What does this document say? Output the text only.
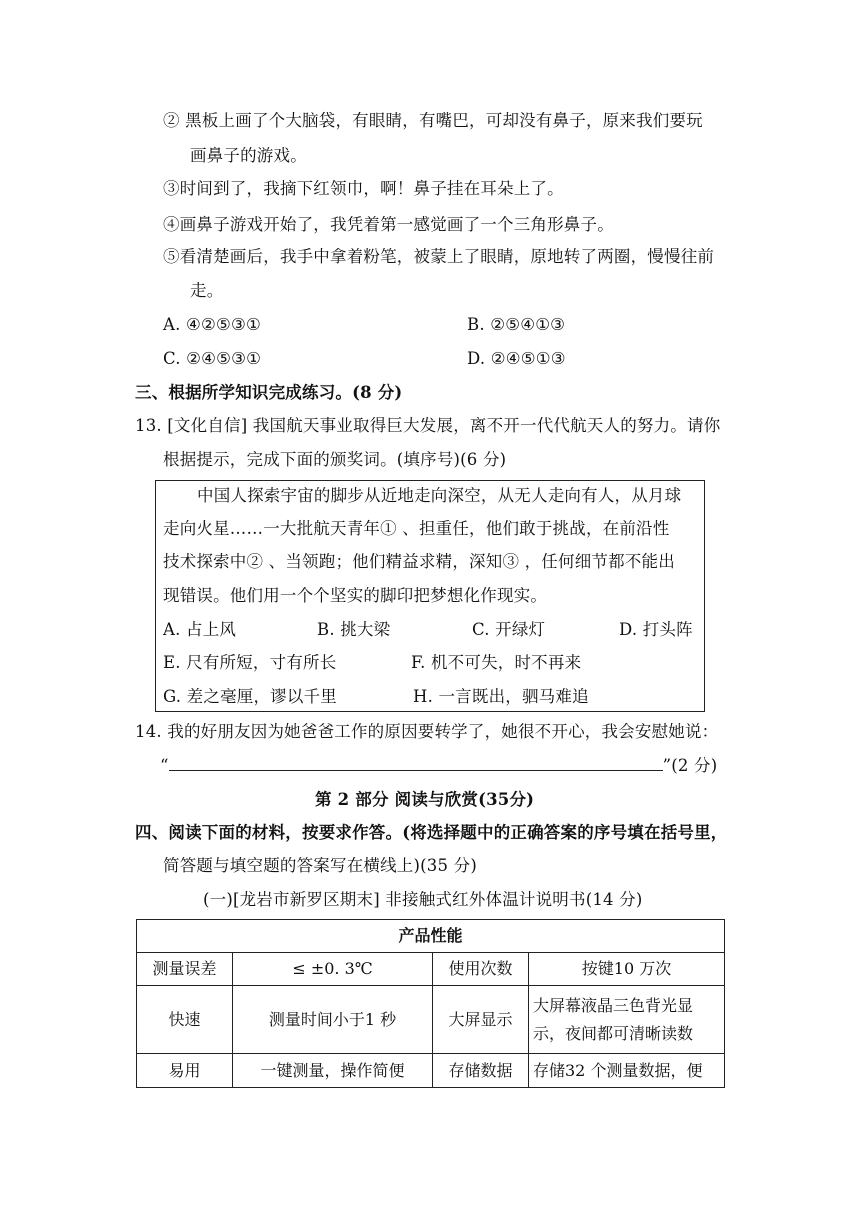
② 黑板上画了个大脑袋，有眼睛，有嘴巴，可却没有鼻子，原来我们要玩
画鼻子的游戏。
③时间到了，我摘下红领巾，啊！鼻子挂在耳朵上了。
④画鼻子游戏开始了，我凭着第一感觉画了一个三角形鼻子。
⑤看清楚画后，我手中拿着粉笔，被蒙上了眼睛，原地转了两圈，慢慢往前
走。
A. ④②⑤③①	B. ②⑤④①③
C. ②④⑤③①	D. ②④⑤①③
三、根据所学知识完成练习。(8 分)
13. [文化自信] 我国航天事业取得巨大发展，离不开一代代航天人的努力。请你
根据提示，完成下面的颁奖词。(填序号)(6 分)
中国人探索宇宙的脚步从近地走向深空，从无人走向有人，从月球
走向火星……一大批航天青年① 、担重任，他们敢于挑战，在前沿性
技术探索中② 、当领跑；他们精益求精，深知③ ，任何细节都不能出
现错误。他们用一个个坚实的脚印把梦想化作现实。
A. 占上风	B. 挑大梁	C. 开绿灯	D. 打头阵
E. 尺有所短，寸有所长	F. 机不可失，时不再来
G. 差之毫厘，谬以千里	H. 一言既出，驷马难追
14. 我的好朋友因为她爸爸工作的原因要转学了，她很不开心，我会安慰她说：
“	”(2 分)
第 2 部分 阅读与欣赏(35分)
四、阅读下面的材料，按要求作答。(将选择题中的正确答案的序号填在括号里，
简答题与填空题的答案写在横线上)(35 分)
(一)[龙岩市新罗区期末] 非接触式红外体温计说明书(14 分)
产品性能			
测量误差	≤ ±0. 3℃	使用次数	按键10 万次
快速	测量时间小于1 秒	大屏显示	大屏幕液晶三色背光显示，夜间都可清晰读数
易用	一键测量，操作简便	存储数据	存储32 个测量数据，便
